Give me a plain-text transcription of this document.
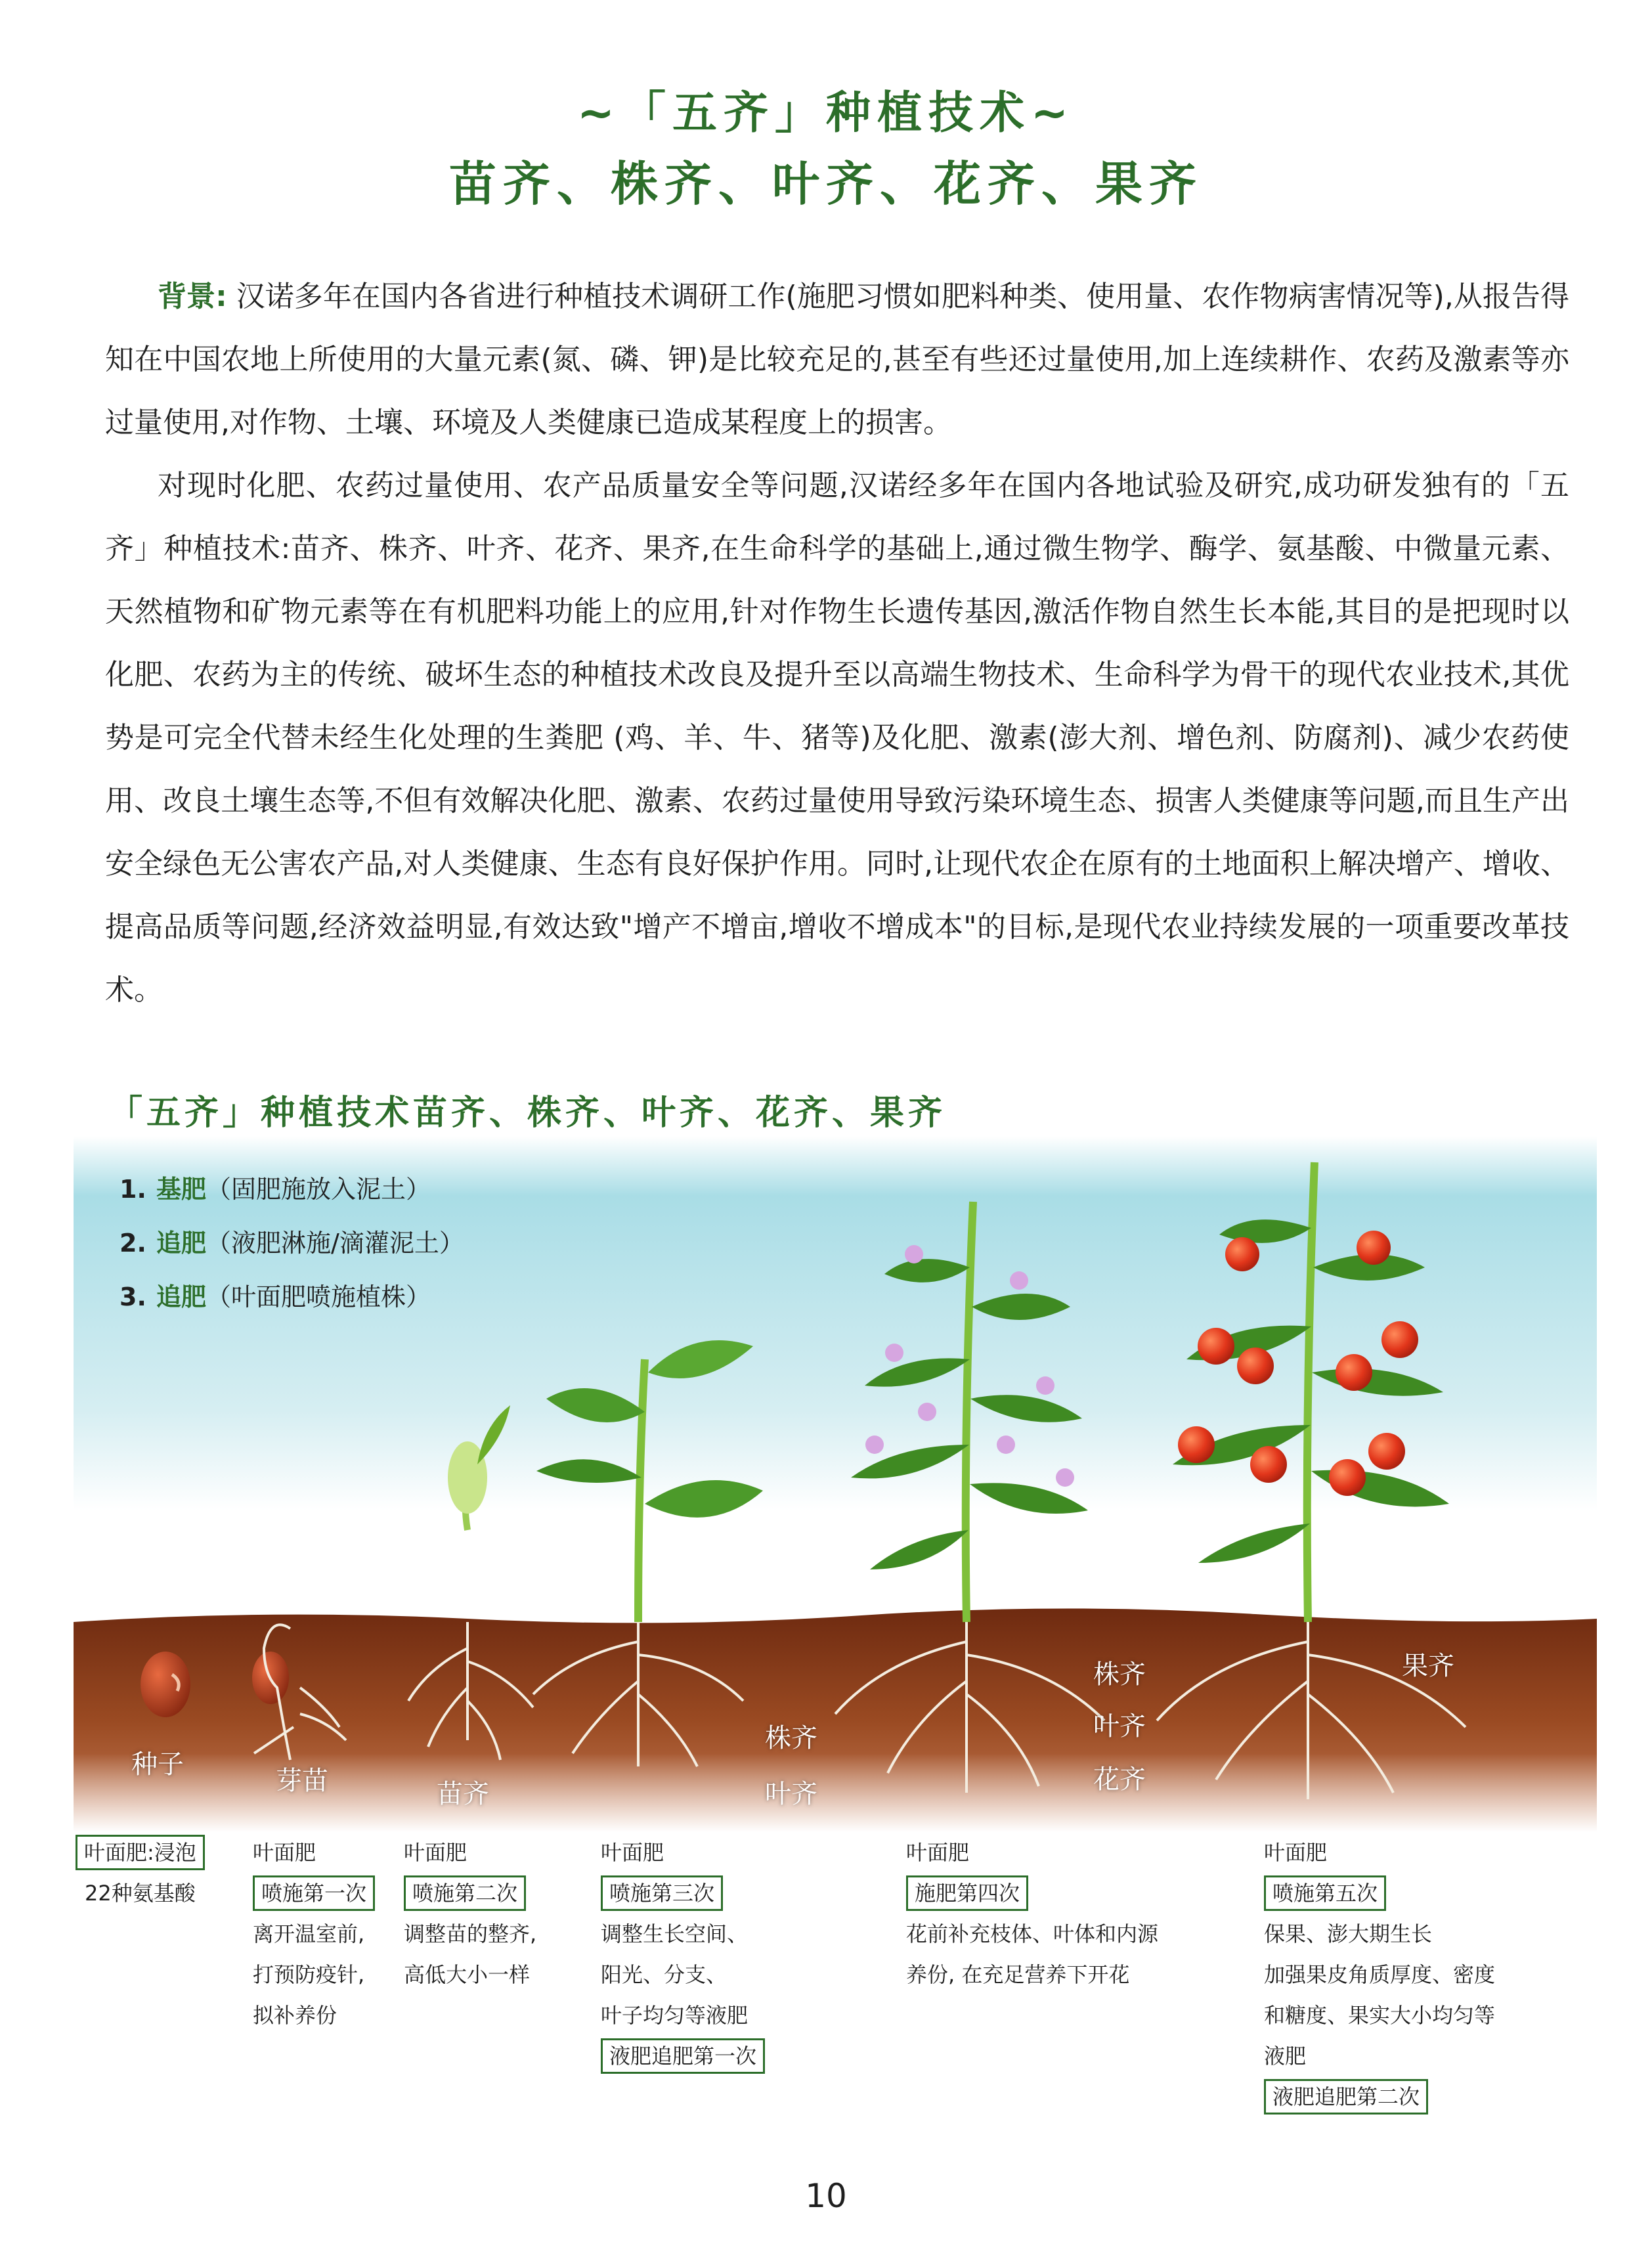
~「五齐」种植技术~
苗齐、株齐、叶齐、花齐、果齐

背景: 汉诺多年在国内各省进行种植技术调研工作(施肥习惯如肥料种类、使用量、农作物病害情况等),从报告得知在中国农地上所使用的大量元素(氮、磷、钾)是比较充足的,甚至有些还过量使用,加上连续耕作、农药及激素等亦过量使用,对作物、土壤、环境及人类健康已造成某程度上的损害。

对现时化肥、农药过量使用、农产品质量安全等问题,汉诺经多年在国内各地试验及研究,成功研发独有的「五齐」种植技术:苗齐、株齐、叶齐、花齐、果齐,在生命科学的基础上,通过微生物学、酶学、氨基酸、中微量元素、天然植物和矿物元素等在有机肥料功能上的应用,针对作物生长遗传基因,激活作物自然生长本能,其目的是把现时以化肥、农药为主的传统、破坏生态的种植技术改良及提升至以高端生物技术、生命科学为骨干的现代农业技术,其优势是可完全代替未经生化处理的生粪肥 (鸡、羊、牛、猪等)及化肥、激素(澎大剂、增色剂、防腐剂)、减少农药使用、改良土壤生态等,不但有效解决化肥、激素、农药过量使用导致污染环境生态、损害人类健康等问题,而且生产出安全绿色无公害农产品,对人类健康、生态有良好保护作用。同时,让现代农企在原有的土地面积上解决增产、增收、提高品质等问题,经济效益明显,有效达致"增产不增亩,增收不增成本"的目标,是现代农业持续发展的一项重要改革技术。

「五齐」种植技术苗齐、株齐、叶齐、花齐、果齐
1. 基肥（固肥施放入泥土）
2. 追肥（液肥淋施/滴灌泥土）
3. 追肥（叶面肥喷施植株）
种子
芽苗	苗齐
株齐
叶齐
株齐
叶齐
花齐
果齐
叶面肥:浸泡
22种氨基酸
叶面肥
喷施第一次
离开温室前,
打预防疫针,
拟补养份
叶面肥
喷施第二次
调整苗的整齐,
高低大小一样
叶面肥
喷施第三次
调整生长空间、
阳光、分支、
叶子均匀等液肥
液肥追肥第一次
叶面肥
施肥第四次
花前补充枝体、叶体和内源
养份, 在充足营养下开花
叶面肥
喷施第五次
保果、澎大期生长
加强果皮角质厚度、密度
和糖度、果实大小均匀等
液肥
液肥追肥第二次
10
